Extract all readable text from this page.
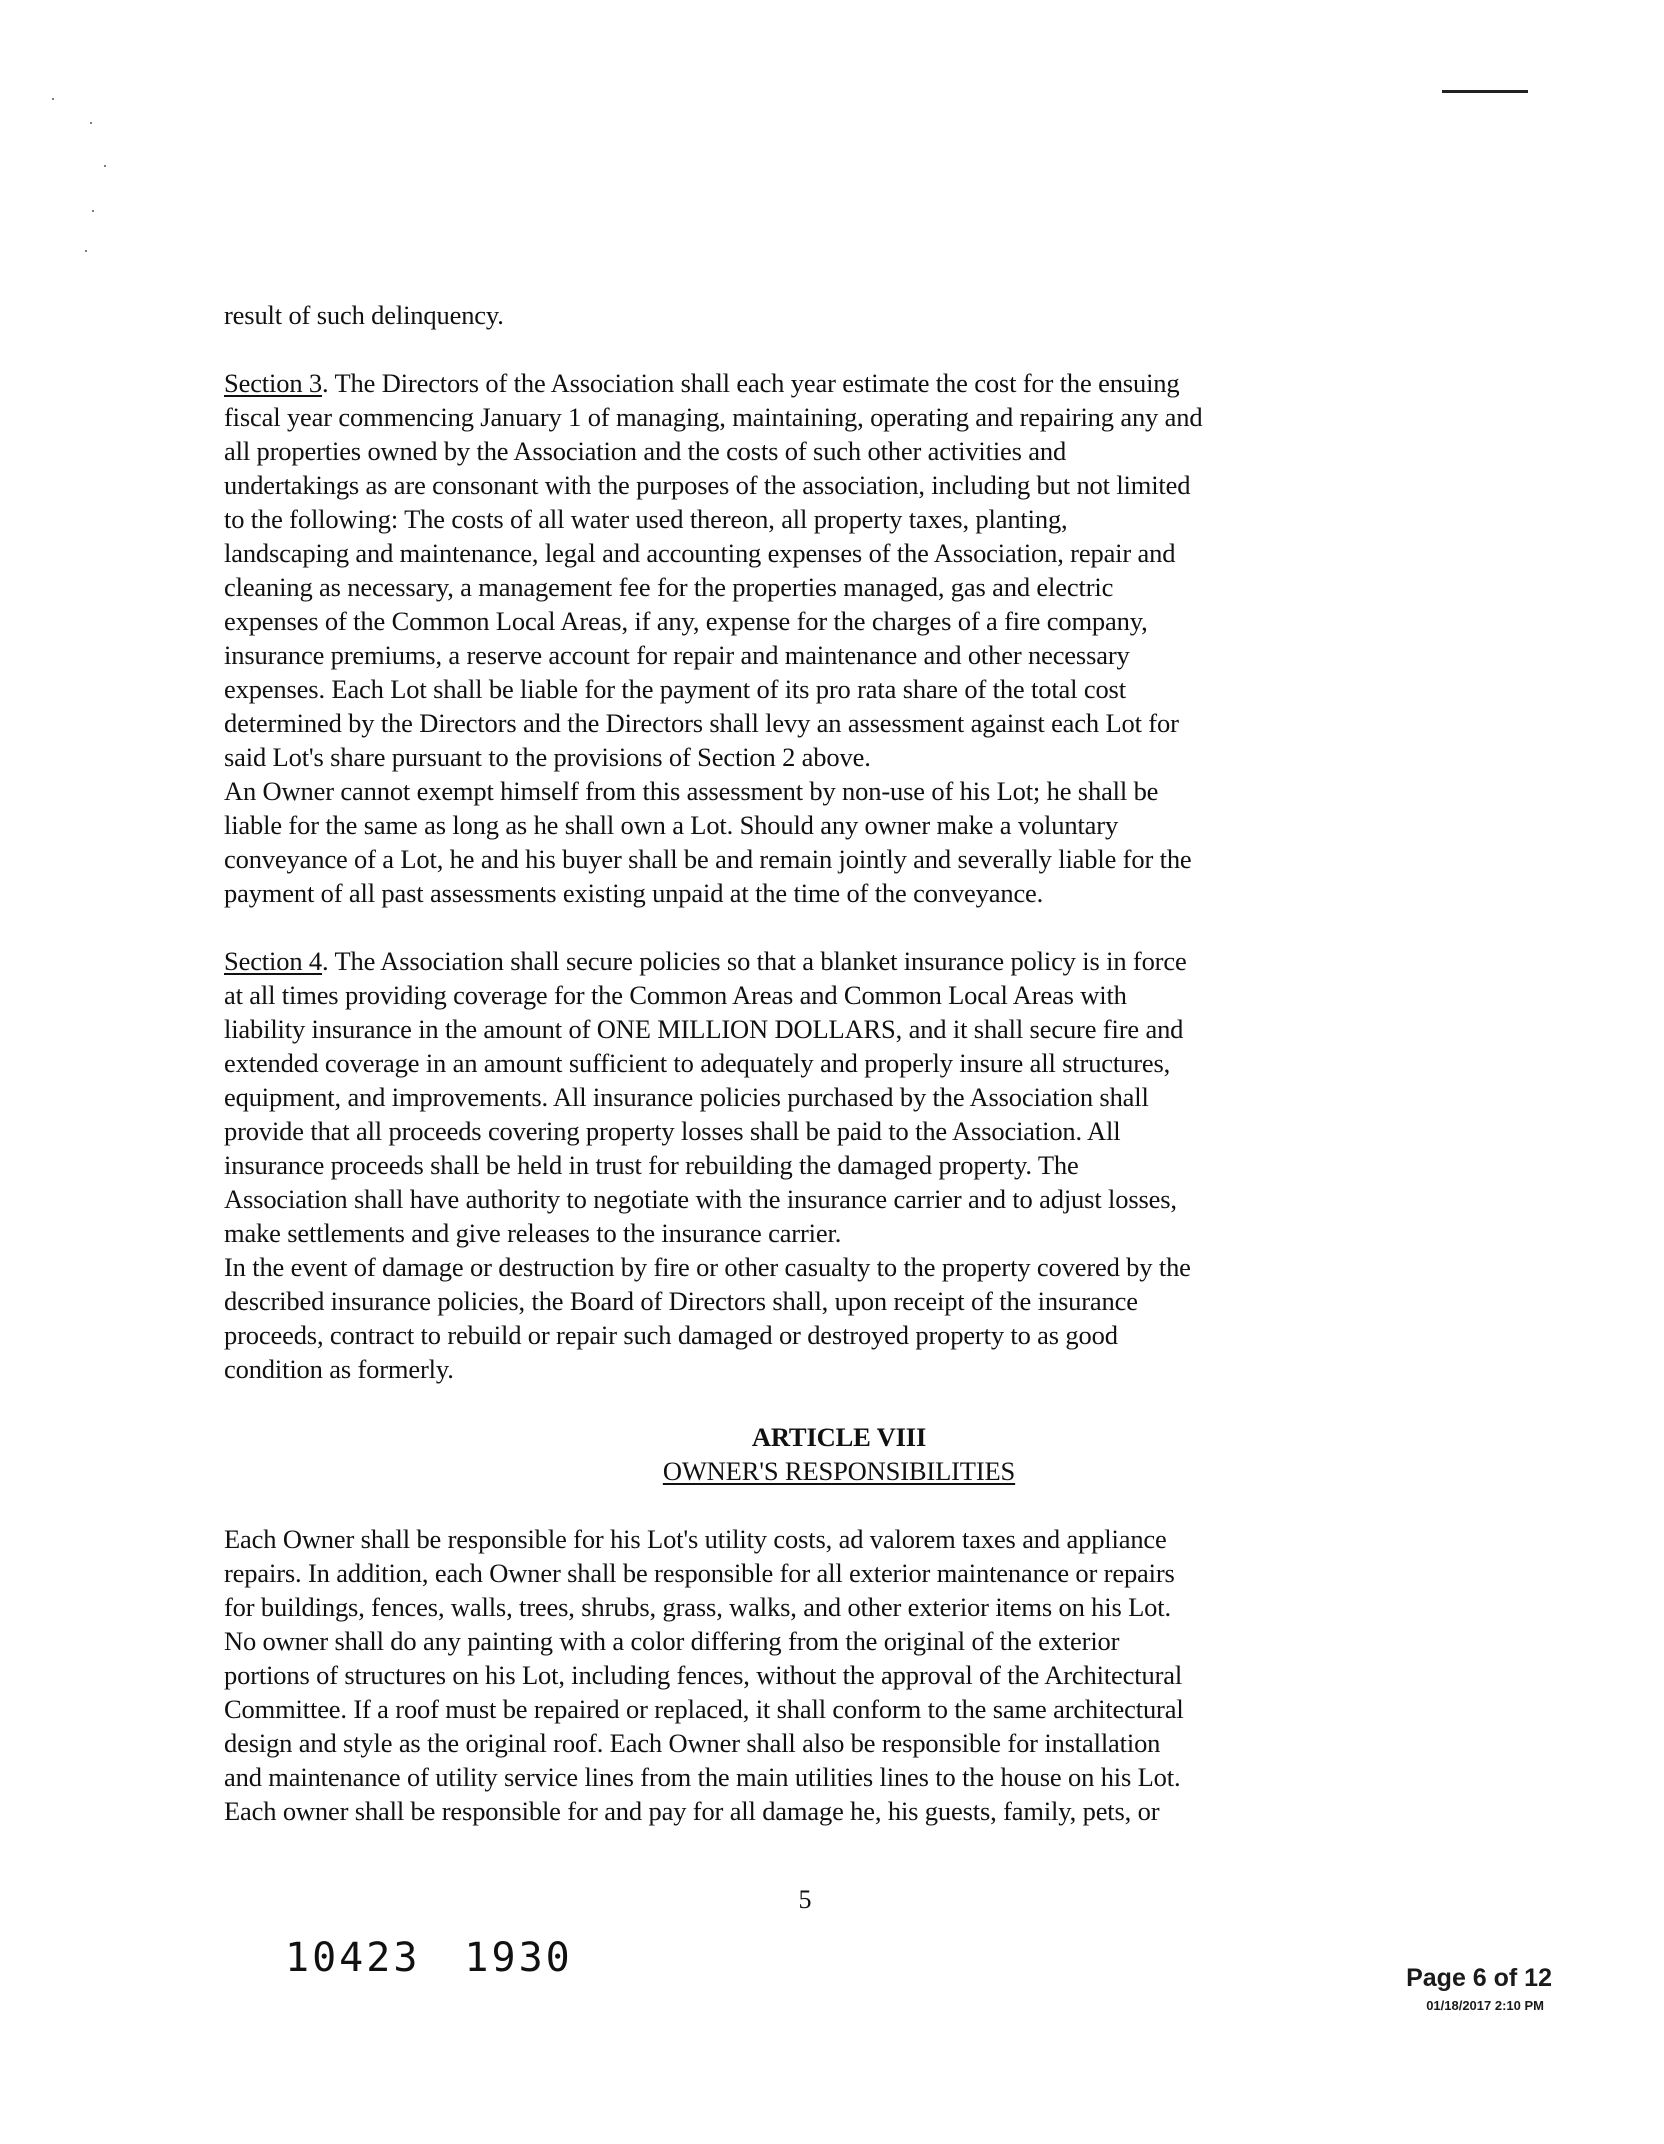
result of such delinquency.
Section 3. The Directors of the Association shall each year estimate the cost for the ensuing
fiscal year commencing January 1 of managing, maintaining, operating and repairing any and
all properties owned by the Association and the costs of such other activities and
undertakings as are consonant with the purposes of the association, including but not limited
to the following: The costs of all water used thereon, all property taxes, planting,
landscaping and maintenance, legal and accounting expenses of the Association, repair and
cleaning as necessary, a management fee for the properties managed, gas and electric
expenses of the Common Local Areas, if any, expense for the charges of a fire company,
insurance premiums, a reserve account for repair and maintenance and other necessary
expenses. Each Lot shall be liable for the payment of its pro rata share of the total cost
determined by the Directors and the Directors shall levy an assessment against each Lot for
said Lot's share pursuant to the provisions of Section 2 above.
An Owner cannot exempt himself from this assessment by non-use of his Lot; he shall be
liable for the same as long as he shall own a Lot. Should any owner make a voluntary
conveyance of a Lot, he and his buyer shall be and remain jointly and severally liable for the
payment of all past assessments existing unpaid at the time of the conveyance.
Section 4. The Association shall secure policies so that a blanket insurance policy is in force
at all times providing coverage for the Common Areas and Common Local Areas with
liability insurance in the amount of ONE MILLION DOLLARS, and it shall secure fire and
extended coverage in an amount sufficient to adequately and properly insure all structures,
equipment, and improvements. All insurance policies purchased by the Association shall
provide that all proceeds covering property losses shall be paid to the Association. All
insurance proceeds shall be held in trust for rebuilding the damaged property. The
Association shall have authority to negotiate with the insurance carrier and to adjust losses,
make settlements and give releases to the insurance carrier.
In the event of damage or destruction by fire or other casualty to the property covered by the
described insurance policies, the Board of Directors shall, upon receipt of the insurance
proceeds, contract to rebuild or repair such damaged or destroyed property to as good
condition as formerly.
ARTICLE VIII
OWNER'S RESPONSIBILITIES
Each Owner shall be responsible for his Lot's utility costs, ad valorem taxes and appliance
repairs. In addition, each Owner shall be responsible for all exterior maintenance or repairs
for buildings, fences, walls, trees, shrubs, grass, walks, and other exterior items on his Lot.
No owner shall do any painting with a color differing from the original of the exterior
portions of structures on his Lot, including fences, without the approval of the Architectural
Committee. If a roof must be repaired or replaced, it shall conform to the same architectural
design and style as the original roof. Each Owner shall also be responsible for installation
and maintenance of utility service lines from the main utilities lines to the house on his Lot.
Each owner shall be responsible for and pay for all damage he, his guests, family, pets, or
5
10423 1930	Page 6 of 12
01/18/2017 2:10 PM
